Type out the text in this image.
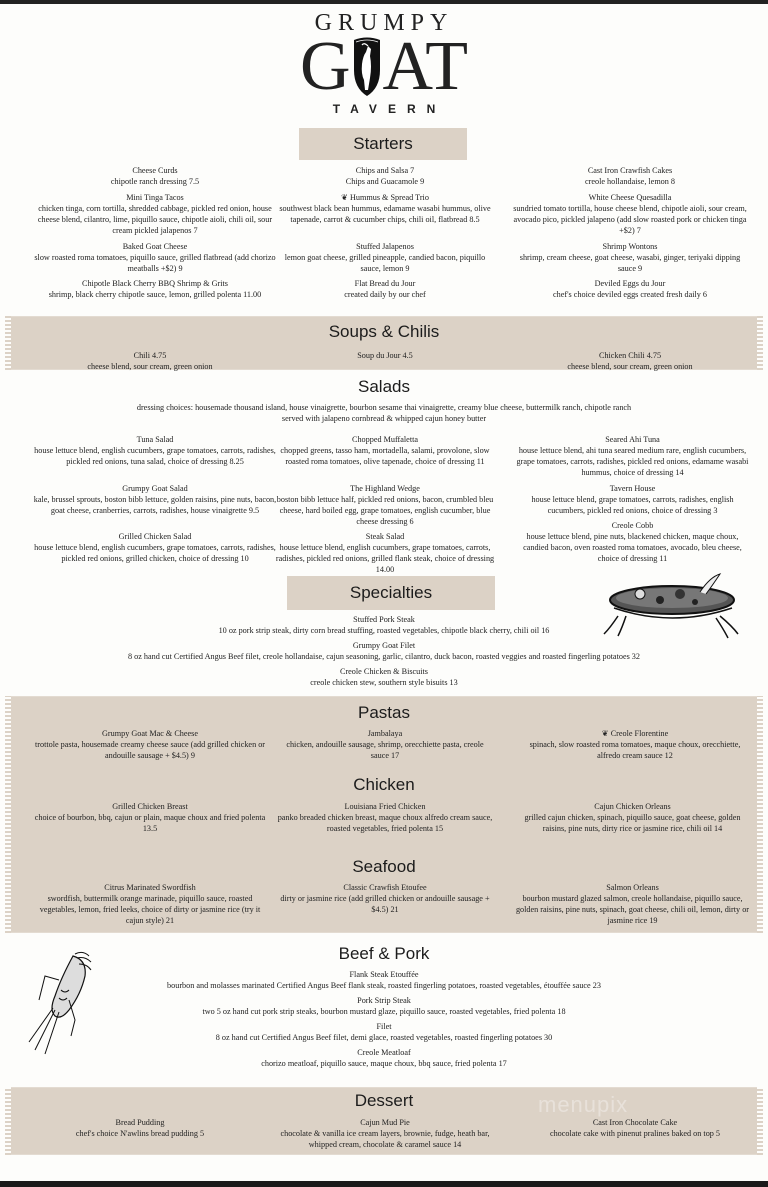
GRUMPY
G AT
TAVERN
Starters
Cheese Curds
chipotle ranch dressing 7.5
Mini Tinga Tacos
chicken tinga, corn tortilla, shredded cabbage, pickled red onion, house cheese blend, cilantro, lime, piquillo sauce, chipotle aioli, chili oil, sour cream pickled jalapenos 7
Baked Goat Cheese
slow roasted roma tomatoes, piquillo sauce, grilled flatbread (add chorizo meatballs +$2) 9
Chipotle Black Cherry BBQ Shrimp & Grits
shrimp, black cherry chipotle sauce, lemon, grilled polenta 11.00
Chips and Salsa 7
Chips and Guacamole 9
❦ Hummus & Spread Trio
southwest black bean hummus, edamame wasabi hummus, olive tapenade, carrot & cucumber chips, chili oil, flatbread 8.5
Stuffed Jalapenos
lemon goat cheese, grilled pineapple, candied bacon, piquillo sauce, lemon 9
Flat Bread du Jour
created daily by our chef
Cast Iron Crawfish Cakes
creole hollandaise, lemon 8
White Cheese Quesadilla
sundried tomato tortilla, house cheese blend, chipotle aioli, sour cream, avocado pico, pickled jalapeno (add slow roasted pork or chicken tinga +$2) 7
Shrimp Wontons
shrimp, cream cheese, goat cheese, wasabi, ginger, teriyaki dipping sauce 9
Deviled Eggs du Jour
chef's choice deviled eggs created fresh daily 6
Soups & Chilis
Chili 4.75
cheese blend, sour cream, green onion
Soup du Jour 4.5	Chicken Chili 4.75
cheese blend, sour cream, green onion
Salads
dressing choices: housemade thousand island, house vinaigrette, bourbon sesame thai vinaigrette, creamy blue cheese, buttermilk ranch, chipotle ranch
served with jalapeno cornbread & whipped cajun honey butter
Tuna Salad
house lettuce blend, english cucumbers, grape tomatoes, carrots, radishes, pickled red onions, tuna salad, choice of dressing 8.25
Grumpy Goat Salad
kale, brussel sprouts, boston bibb lettuce, golden raisins, pine nuts, bacon, goat cheese, cranberries, carrots, radishes, house vinaigrette 9.5
Grilled Chicken Salad
house lettuce blend, english cucumbers, grape tomatoes, carrots, radishes, pickled red onions, grilled chicken, choice of dressing 10
Chopped Muffaletta
chopped greens, tasso ham, mortadella, salami, provolone, slow roasted roma tomatoes, olive tapenade, choice of dressing 11
The Highland Wedge
boston bibb lettuce half, pickled red onions, bacon, crumbled bleu cheese, hard boiled egg, grape tomatoes, english cucumber, blue cheese dressing 6
Steak Salad
house lettuce blend, english cucumbers, grape tomatoes, carrots, radishes, pickled red onions, grilled flank steak, choice of dressing 14.00
Seared Ahi Tuna
house lettuce blend, ahi tuna seared medium rare, english cucumbers, grape tomatoes, carrots, radishes, pickled red onions, edamame wasabi hummus, choice of dressing 14
Tavern House
house lettuce blend, grape tomatoes, carrots, radishes, english cucumbers, pickled red onions, choice of dressing 3
Creole Cobb
house lettuce blend, pine nuts, blackened chicken, maque choux, candied bacon, oven roasted roma tomatoes, avocado, bleu cheese, choice of dressing 11
Specialties
Stuffed Pork Steak
10 oz pork strip steak, dirty corn bread stuffing, roasted vegetables, chipotle black cherry, chili oil 16
Grumpy Goat Filet
8 oz hand cut Certified Angus Beef filet, creole hollandaise, cajun seasoning, garlic, cilantro, duck bacon, roasted veggies and roasted fingerling potatoes 32
Creole Chicken & Biscuits
creole chicken stew, southern style bisuits 13
Pastas
Grumpy Goat Mac & Cheese
trottole pasta, housemade creamy cheese sauce (add grilled chicken or andouille sausage + $4.5) 9
Jambalaya
chicken, andouille sausage, shrimp, orecchiette pasta, creole sauce 17
❦ Creole Florentine
spinach, slow roasted roma tomatoes, maque choux, orecchiette, alfredo cream sauce 12
Chicken
Grilled Chicken Breast
choice of bourbon, bbq, cajun or plain, maque choux and fried polenta 13.5
Louisiana Fried Chicken
panko breaded chicken breast, maque choux alfredo cream sauce, roasted vegetables, fried polenta 15
Cajun Chicken Orleans
grilled cajun chicken, spinach, piquillo sauce, goat cheese, golden raisins, pine nuts, dirty rice or jasmine rice, chili oil 14
Seafood
Citrus Marinated Swordfish
swordfish, buttermilk orange marinade, piquillo sauce, roasted vegetables, lemon, fried leeks, choice of dirty or jasmine rice (try it cajun style) 21
Classic Crawfish Etoufee
dirty or jasmine rice (add grilled chicken or andouille sausage + $4.5) 21
Salmon Orleans
bourbon mustard glazed salmon, creole hollandaise, piquillo sauce, golden raisins, pine nuts, spinach, goat cheese, chili oil, lemon, dirty or jasmine rice 19
Beef & Pork
Flank Steak Etouffée
bourbon and molasses marinated Certified Angus Beef flank steak, roasted fingerling potatoes, roasted vegetables, étouffée sauce 23
Pork Strip Steak
two 5 oz hand cut pork strip steaks, bourbon mustard glaze, piquillo sauce, roasted vegetables, fried polenta 18
Filet
8 oz hand cut Certified Angus Beef filet, demi glace, roasted vegetables, roasted fingerling potatoes 30
Creole Meatloaf
chorizo meatloaf, piquillo sauce, maque choux, bbq sauce, fried polenta 17
menupix
Dessert
Bread Pudding
chef's choice N'awlins bread pudding 5
Cajun Mud Pie
chocolate & vanilla ice cream layers, brownie, fudge, heath bar, whipped cream, chocolate & caramel sauce 14
Cast Iron Chocolate Cake
chocolate cake with pinenut pralines baked on top 5
